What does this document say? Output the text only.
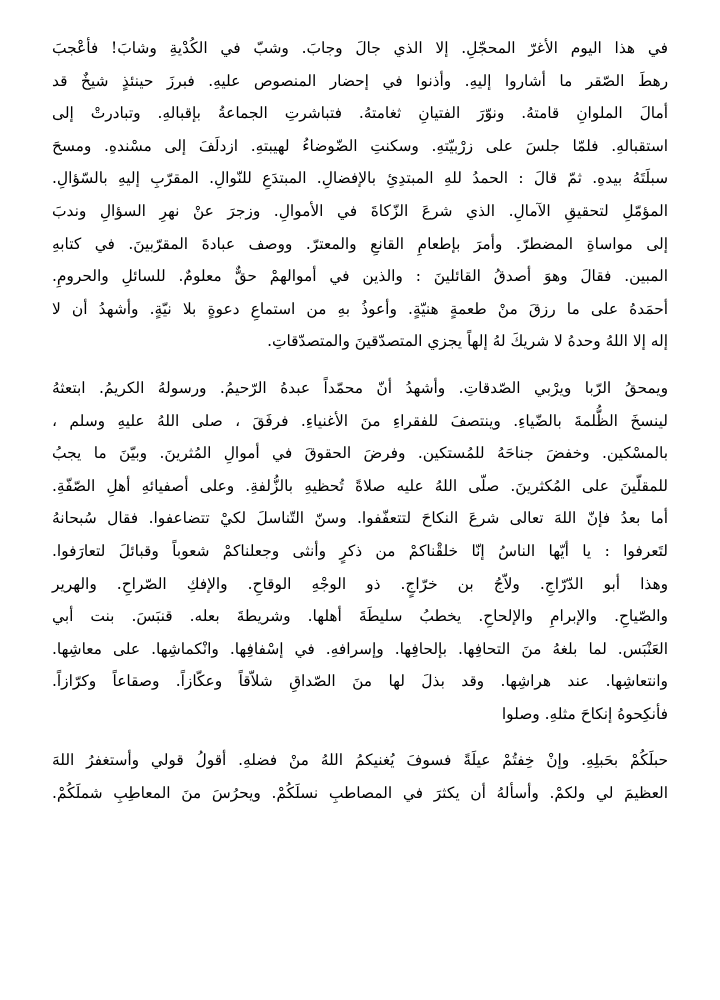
في هذا اليوم الأغرّ المحجّلِ. إلا الذي جالَ وجابَ. وشبّ في الكُدْيةِ وشابَ! فأعْجبَ
رهطَ الصّقر ما أشاروا إليهِ. وأذنوا في إحضار المنصوص عليهِ. فبرزَ حينئذٍ شيخٌ قد
أمالَ الملوانِ قامتهُ. ونوّرَ الفتيانِ ثغامتهُ. فتباشرتِ الجماعةُ بإقبالهِ. وتبادرتْ إلى
استقبالهِ. فلمّا جلسَ على زرْبيّتهِ. وسكنتِ الضّوضاءُ لهيبتهِ. ازدلَفَ إلى مسْندهِ. ومسحَ
سبلَتَهُ بيدهِ. ثمّ قالَ : الحمدُ للهِ المبتدِئِ بالإفضالِ. المبتدَعِ للنّوالِ. المقرّبِ إليهِ بالسّؤالِ.
المؤمّلِ لتحقيقِ الآمالِ. الذي شرعَ الزّكاةَ في الأموالِ. وزجرَ عنْ نهرِ السؤالِ وندبَ
إلى مواساةِ المضطرّ. وأمرَ بإطعامِ القانعِ والمعترّ. ووصف عبادةَ المقرّبينَ. في كتابهِ
المبين. فقالَ وهوَ أصدقُ القائلينَ : والذين في أموالهمْ حقٌّ معلومٌ. للسائلِ والحرومِ.
أحمَدهُ على ما رزقَ منْ طعمةٍ هنيّةٍ. وأعوذُ بهِ من استماعِ دعوةٍ بلا نيّةٍ. وأشهدُ أن لا
إله إلا اللهُ وحدهُ لا شريكَ لهُ إلهاً يجزي المتصدّقينَ والمتصدّقاتِ.

ويمحقُ الرّبا ويرْبي الصّدقاتِ. وأشهدُ أنّ محمّداً عبدهُ الرّحيمُ. ورسولهُ الكريمُ. ابتعثهُ
لينسخَ الظُّلمةَ بالضّياءِ. وينتصفَ للفقراءِ منَ الأغنياءِ. فرفَقَ ، صلى اللهُ عليهِ وسلم ،
بالمسْكين. وخفضَ جناحَهُ للمُستكين. وفرضَ الحقوقَ في أموالِ المُثرينَ. وبيّنَ ما يجبُ
للمقلّينَ على المُكثرينَ. صلّى اللهُ عليه صلاةً تُحظيهِ بالزُّلفةِ. وعلى أصفيائهِ أهلِ الصّفّةِ.
أما بعدُ فإنّ اللهَ تعالى شرعَ النكاحَ لتتعفّفوا. وسنّ التّناسلَ لكيْ تتضاعفوا. فقال سُبحانهُ
لتَعرفوا : يا أيّها الناسُ إنّا خلقْناكمْ من ذكرٍ وأنثى وجعلناكمْ شعوباً وقبائلَ لتعارَفوا.
وهذا أبو الدّرّاجِ. ولاّجُ بن خرّاجٍ. ذو الوجْهِ الوقاحِ. والإفكِ الصّراحِ. والهرير
والصّياحِ. والإبرامِ والإلحاحِ. يخطبُ سليطَةَ أهلها. وشريطةَ بعله. قنبَسَ. بنت أبي
العَنْبَس. لما بلغهُ منَ التحافِها. بإلحافِها. وإسرافهِ. في إسْفافِها. وانْكماشِها. على معاشِها.
وانتعاشِها. عند هراشِها. وقد بذلَ لها منَ الصّداقِ شلاّقاً وعكّازاً. وصقاعاً وكرّازاً.
فأنكِحوهُ إنكاحَ مثلهِ. وصلوا

حبلَكُمْ بحَبلِهِ. وإنْ خِفتُمْ عيلَةً فسوفَ يُغنيكمُ اللهُ منْ فضلهِ. أقولُ قولي وأستغفرُ اللهَ
العظيمَ لي ولكمْ. وأسألهُ أن يكثرَ في المصاطبِ نسلَكُمْ. ويحرُسَ منَ المعاطِبِ شملَكُمْ.
